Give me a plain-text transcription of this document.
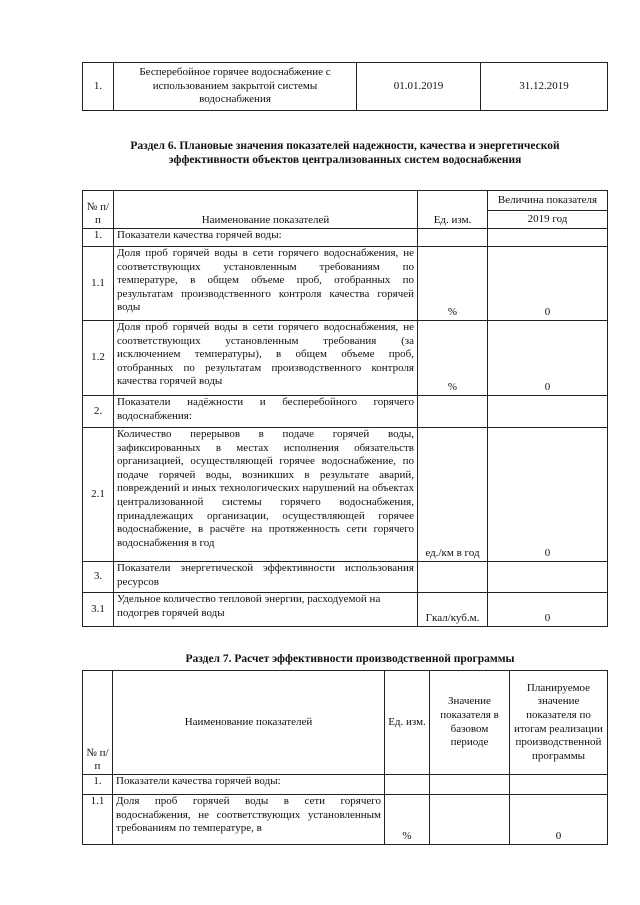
1.	Бесперебойное горячее водоснабжение с использованием закрытой системы водоснабжения	01.01.2019	31.12.2019
Раздел 6. Плановые значения показателей надежности, качества и энергетической эффективности объектов централизованных систем водоснабжения
№ п/п	Наименование показателей	Ед. изм.	Величина показателя
			2019 год
1.	Показатели качества горячей воды:		
1.1	Доля проб горячей воды в сети горячего водоснабжения, не соответствующих установленным требованиям по температуре, в общем объеме проб, отобранных по результатам производственного контроля качества горячей воды	%	0
1.2	Доля проб горячей воды в сети горячего водоснабжения, не соответствующих установленным требования (за исключением температуры), в общем объеме проб, отобранных по результатам производственного контроля качества горячей воды	%	0
2.	Показатели надёжности и бесперебойного горячего водоснабжения:		
2.1	Количество перерывов в подаче горячей воды, зафиксированных в местах исполнения обязательств организацией, осуществляющей горячее водоснабжение, по подаче горячей воды, возникших в результате аварий, повреждений и иных технологических нарушений на объектах централизованной системы горячего водоснабжения, принадлежащих организации, осуществляющей горячее водоснабжение, в расчёте на протяженность сети горячего водоснабжения в год	ед./км в год	0
3.	Показатели энергетической эффективности использования ресурсов		
3.1	Удельное количество тепловой энергии, расходуемой на подогрев горячей воды	Гкал/куб.м.	0
Раздел 7. Расчет эффективности производственной программы
№ п/п	Наименование показателей	Ед. изм.	Значение показателя в базовом периоде	Планируемое значение показателя по итогам реализации производственной программы
1.	Показатели качества горячей воды:			
1.1	Доля проб горячей воды в сети горячего водоснабжения, не соответствующих установленным требованиям по температуре, в	%		0
